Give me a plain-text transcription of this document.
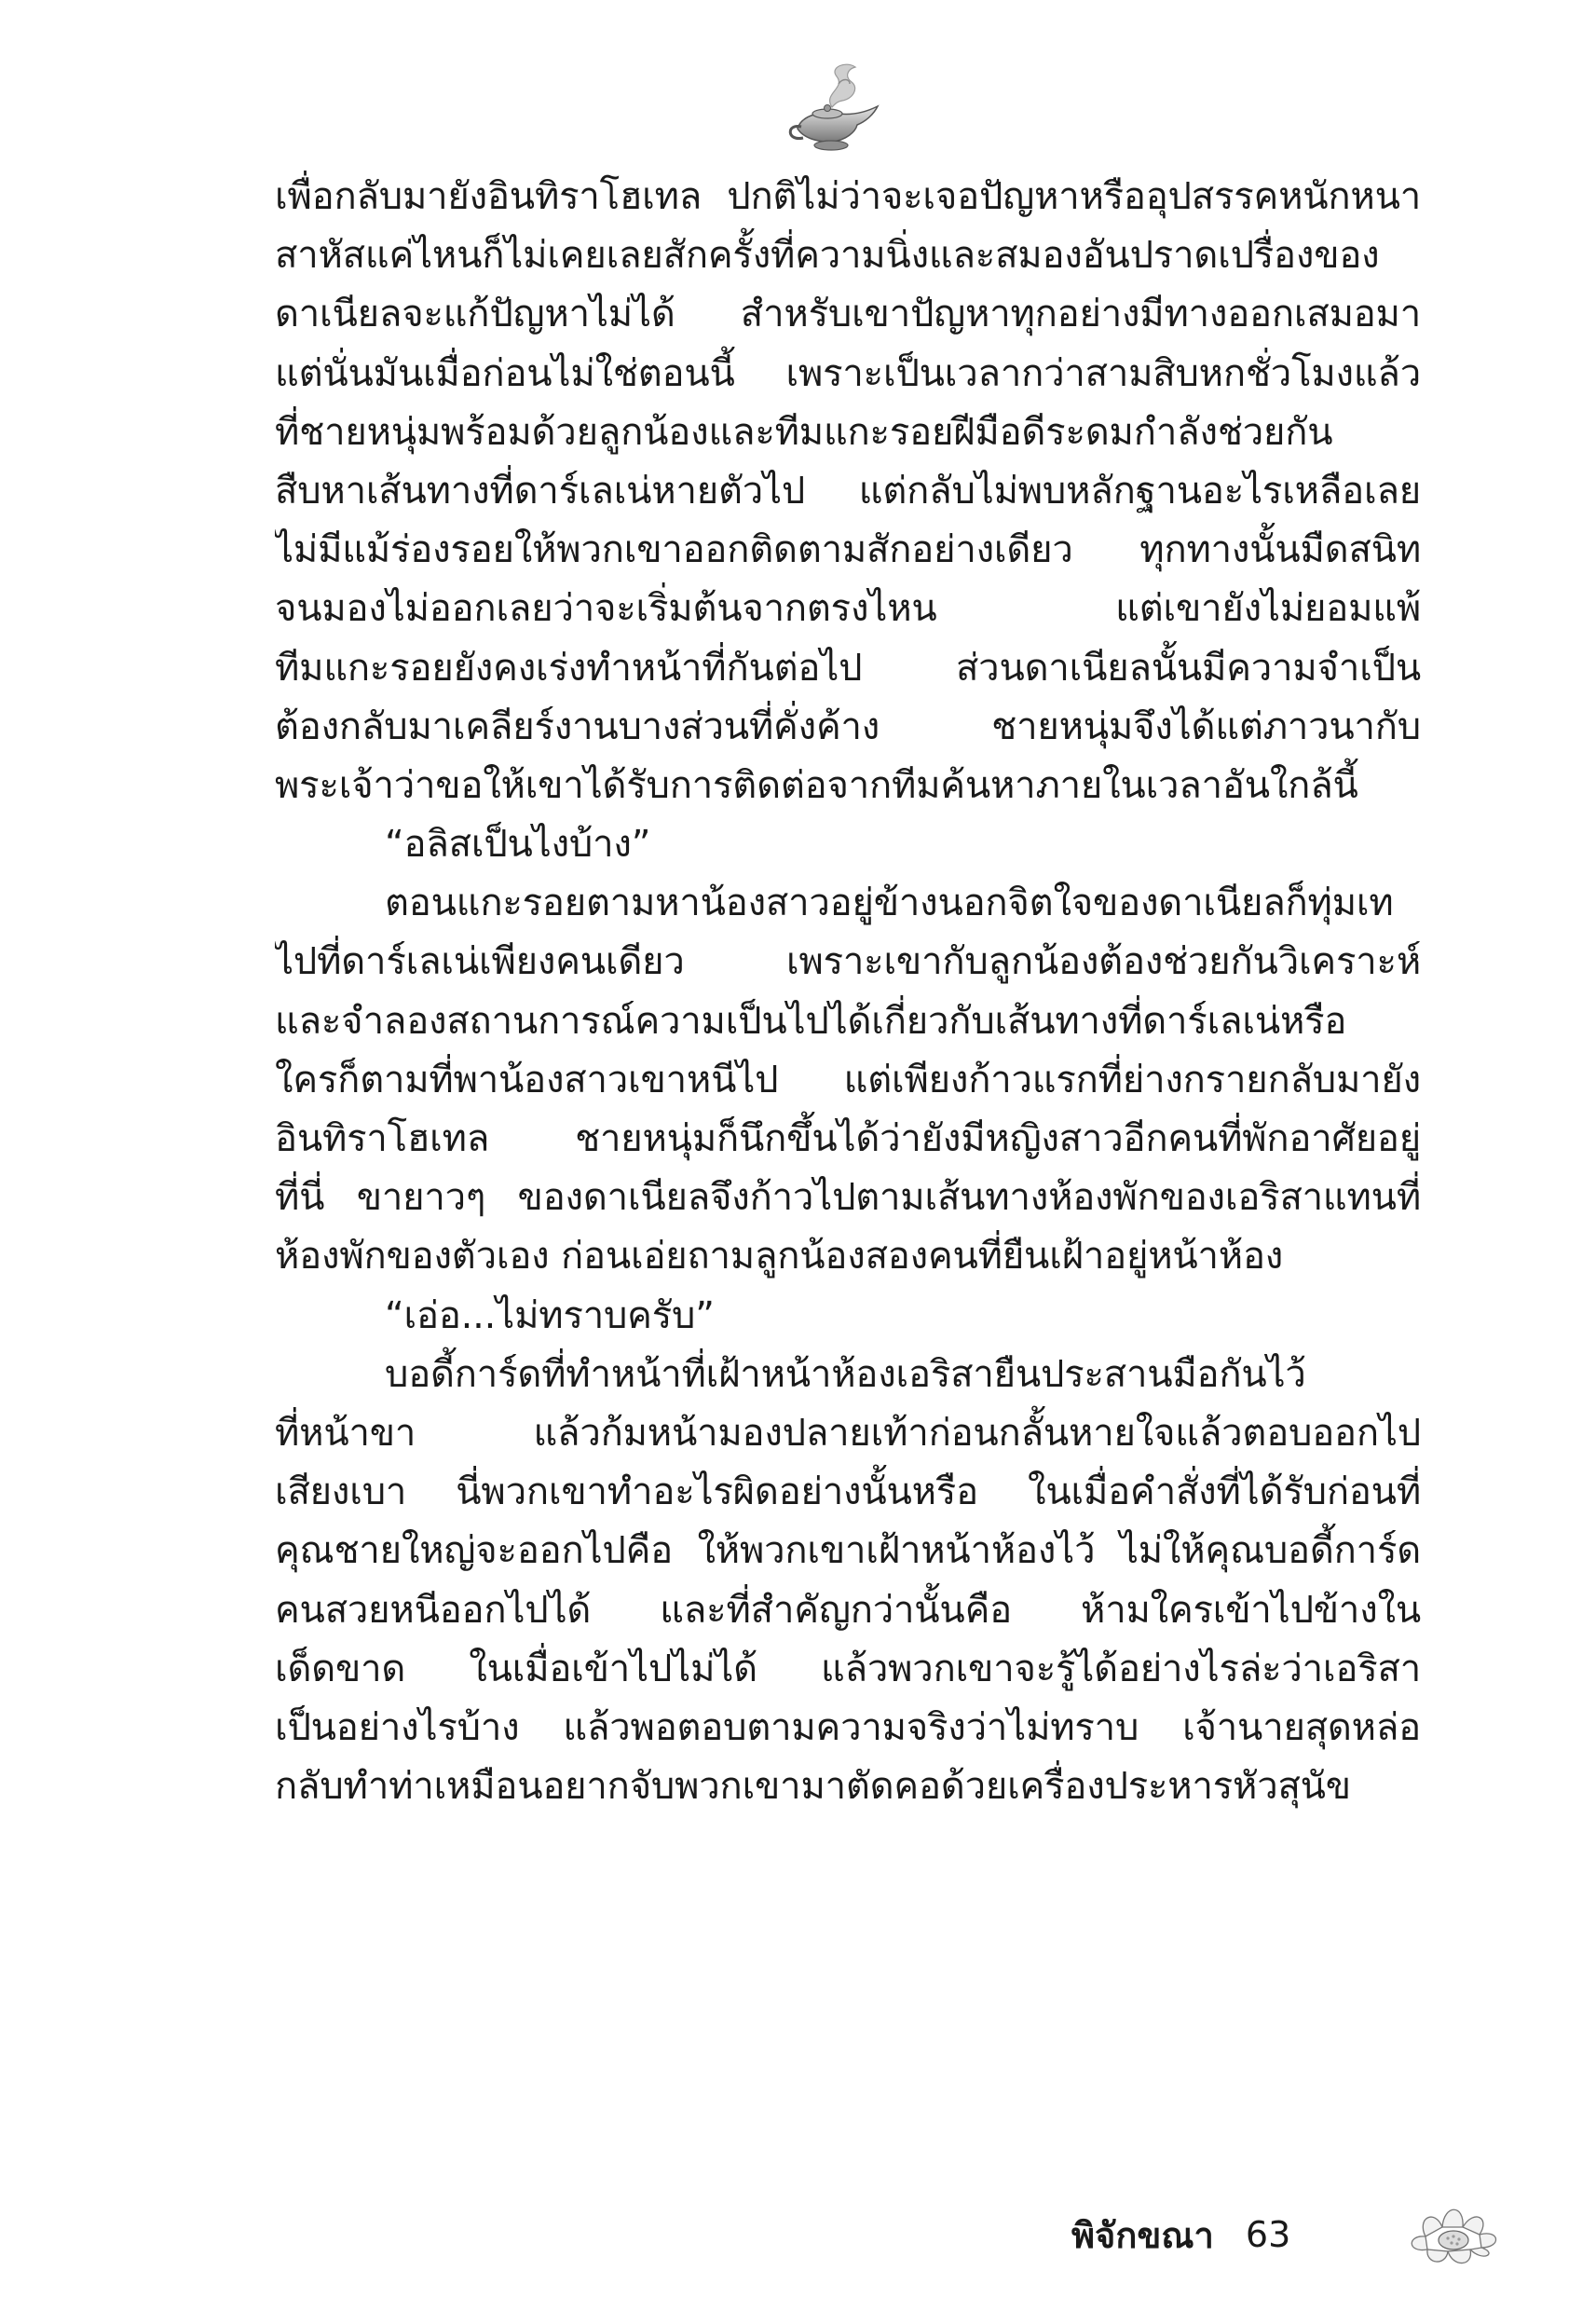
เพื่อกลับมายังอินทิราโฮเทล ปกติไม่ว่าจะเจอปัญหาหรืออุปสรรคหนักหนา
สาหัสแค่ไหนก็ไม่เคยเลยสักครั้งที่ความนิ่งและสมองอันปราดเปรื่องของ
ดาเนียลจะแก้ปัญหาไม่ได้ สำหรับเขาปัญหาทุกอย่างมีทางออกเสมอมา
แต่นั่นมันเมื่อก่อนไม่ใช่ตอนนี้ เพราะเป็นเวลากว่าสามสิบหกชั่วโมงแล้ว
ที่ชายหนุ่มพร้อมด้วยลูกน้องและทีมแกะรอยฝีมือดีระดมกำลังช่วยกัน
สืบหาเส้นทางที่ดาร์เลเน่หายตัวไป แต่กลับไม่พบหลักฐานอะไรเหลือเลย
ไม่มีแม้ร่องรอยให้พวกเขาออกติดตามสักอย่างเดียว ทุกทางนั้นมืดสนิท
จนมองไม่ออกเลยว่าจะเริ่มต้นจากตรงไหน แต่เขายังไม่ยอมแพ้
ทีมแกะรอยยังคงเร่งทำหน้าที่กันต่อไป ส่วนดาเนียลนั้นมีความจำเป็น
ต้องกลับมาเคลียร์งานบางส่วนที่คั่งค้าง ชายหนุ่มจึงได้แต่ภาวนากับ
พระเจ้าว่าขอให้เขาได้รับการติดต่อจากทีมค้นหาภายในเวลาอันใกล้นี้
“อลิสเป็นไงบ้าง”
ตอนแกะรอยตามหาน้องสาวอยู่ข้างนอกจิตใจของดาเนียลก็ทุ่มเท
ไปที่ดาร์เลเน่เพียงคนเดียว เพราะเขากับลูกน้องต้องช่วยกันวิเคราะห์
และจำลองสถานการณ์ความเป็นไปได้เกี่ยวกับเส้นทางที่ดาร์เลเน่หรือ
ใครก็ตามที่พาน้องสาวเขาหนีไป แต่เพียงก้าวแรกที่ย่างกรายกลับมายัง
อินทิราโฮเทล ชายหนุ่มก็นึกขึ้นได้ว่ายังมีหญิงสาวอีกคนที่พักอาศัยอยู่
ที่นี่ ขายาวๆ ของดาเนียลจึงก้าวไปตามเส้นทางห้องพักของเอริสาแทนที่
ห้องพักของตัวเอง ก่อนเอ่ยถามลูกน้องสองคนที่ยืนเฝ้าอยู่หน้าห้อง
“เอ่อ...ไม่ทราบครับ”
บอดี้การ์ดที่ทำหน้าที่เฝ้าหน้าห้องเอริสายืนประสานมือกันไว้
ที่หน้าขา แล้วก้มหน้ามองปลายเท้าก่อนกลั้นหายใจแล้วตอบออกไป
เสียงเบา นี่พวกเขาทำอะไรผิดอย่างนั้นหรือ ในเมื่อคำสั่งที่ได้รับก่อนที่
คุณชายใหญ่จะออกไปคือ ให้พวกเขาเฝ้าหน้าห้องไว้ ไม่ให้คุณบอดี้การ์ด
คนสวยหนีออกไปได้ และที่สำคัญกว่านั้นคือ ห้ามใครเข้าไปข้างใน
เด็ดขาด ในเมื่อเข้าไปไม่ได้ แล้วพวกเขาจะรู้ได้อย่างไรล่ะว่าเอริสา
เป็นอย่างไรบ้าง แล้วพอตอบตามความจริงว่าไม่ทราบ เจ้านายสุดหล่อ
กลับทำท่าเหมือนอยากจับพวกเขามาตัดคอด้วยเครื่องประหารหัวสุนัข
พิจักขณา 63
